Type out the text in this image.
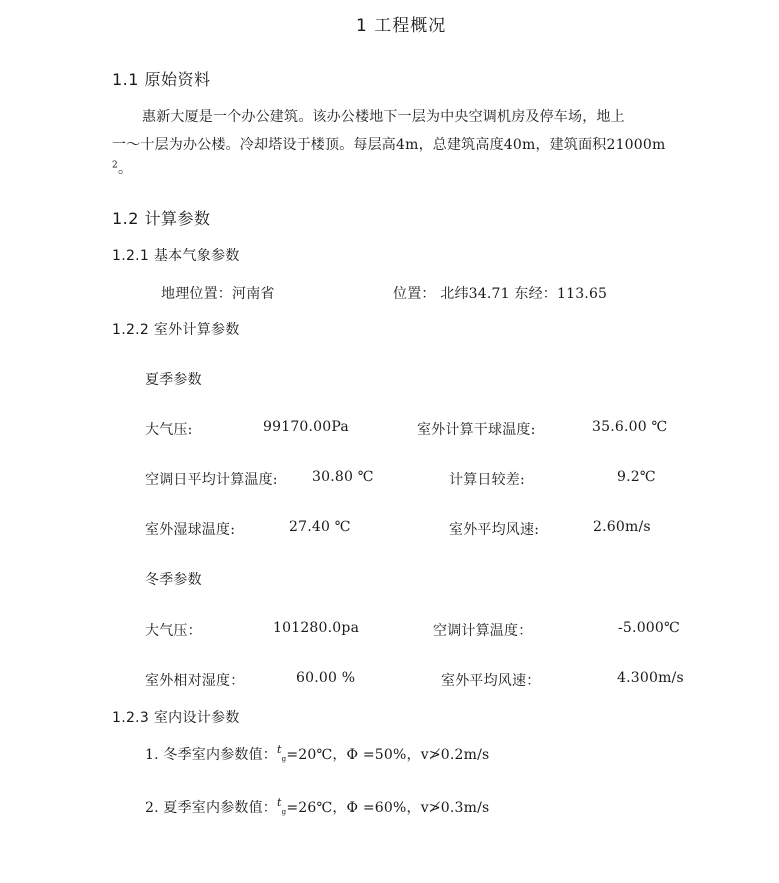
1 工程概况
1.1 原始资料
惠新大厦是一个办公建筑。该办公楼地下一层为中央空调机房及停车场，地上
一～十层为办公楼。冷却塔设于楼顶。每层高4m，总建筑高度40m，建筑面积21000m
$^2$。
1.2 计算参数
1.2.1 基本气象参数
地理位置：河南省	位置： 北纬34.71 东经：113.65
1.2.2 室外计算参数
夏季参数
大气压:	99170.00Pa	室外计算干球温度:	35.6.00 ℃
空调日平均计算温度: 30.80 ℃	计算日较差:	9.2℃
室外湿球温度:	27.40 ℃	室外平均风速:	2.60m/s
冬季参数
大气压：	101280.0pa	空调计算温度：	-5.000℃
室外相对湿度：	60.00 %	室外平均风速：	4.300m/s
1.2.3 室内设计参数
1. 冬季室内参数值：$^t$g=20℃，Φ =50%，v≯0.2m/s
2. 夏季室内参数值：$^t$g=26℃，Φ =60%，v≯0.3m/s
